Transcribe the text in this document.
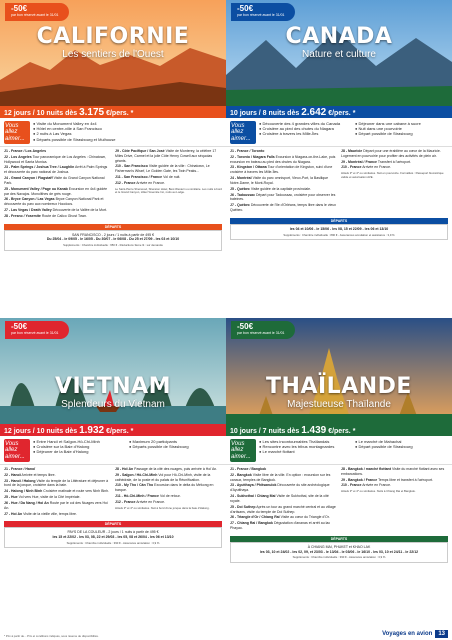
-50€
par bon réservé avant le 31/01
CALIFORNIE

Les sentiers de l'Ouest

12 jours / 10 nuits dès 3.175 €/pers. *
Vous allez aimer...
● Visite du Monument Valley en 4x4
● Hôtel en centre-ville à San Francisco
● 2 nuits à Las Vegas
● Départs possible de Strasbourg et Mulhouse

J1 - France / Los Angeles

J2 - Los Angeles Tour panoramique de Los Angeles : Chinatown, Hollywood et Santa Monica.

J3 - Palm Springs / Joshua Tree / Laughlin Arrêt à Palm Springs et découverte du parc national de Joshua.

J4 - Grand Canyon / Flagstaff Visite du Grand Canyon National Park.

J5 - Monument Valley / Page ou Kanab Excursion en 4x4 guidée par des Navajos. Monolithes de grès rouge.

J6 - Bryce Canyon / Las Vegas Bryce Canyon National Park et découverte du parc aux nombreux Hoodoos.

J7 - Las Vegas / Death Valley Découverte de la Vallée de la Mort.

J8 - Fresno / Yosemite Route de Calico Ghost Town.

J9 - Côte Pacifique / San José Visite de Monterey, la célèbre 17 Miles Drive, Carmel et la jolie Côte Henry Cowell aux séquoias géants.

J10 - San Francisco Visite guidée de la ville : Chinatown, Le Fisherman's Wharf, Le Golden Gate, les Twin Peaks...

J11 - San Francisco / France Vol de nuit.

J12 - France Arrivée en France.

Le Saint-Pierre Sherwood, Sheraton Hotel, Best Western ou similaire. Les nuits à bord et le Grand Canyon, Hôtel Yosemite Inn, nuits au Lodge.

DÉPARTS
SAN FRANCISCO - 2 jours / 1 nuits à partir de 495 €
Du 25/04 - le 09/05 - le 16/05 - Du 30/07 - le 06/08 - Du 25 et 27/09 - les 03 et 10/10
Suppléments : Chambre individuelle : 650 € - Réductions 3ème lit : sur demande
-50€
par bon réservé avant le 31/01
CANADA

Nature et culture

10 jours / 8 nuits dès 2.642 €/pers. *
Vous allez aimer...
● Découverte des 4 grandes villes du Canada
● Croisière au pied des chutes du Niagara
● Croisière à travers les Mille-Îles
● Déjeuner dans une cabane à sucre
● Nuit dans une pourvoirie
● Départ possible de Strasbourg

J1 - France / Toronto

J2 - Toronto / Niagara Falls Excursion à Niagara-on-the-Lake, puis excursion en bateau au pied des chutes du Niagara.

J3 - Kingston / Ottawa Tour d'orientation de Kingston, suivi d'une croisière à travers les Mille-Îles.

J4 - Montréal Visite du parc omnisport, Vieux-Port, la Basilique Notre-Dame, le Mont-Royal.

J5 - Québec Visite guidée de la capitale provinciale.

J6 - Tadoussac Départ pour Tadoussac, croisière pour observer les baleines.

J7 - Québec Découverte de l'île d'Orléans, temps libre dans le vieux Québec.

J8 - Mauricie Départ pour une érablière au cœur de la Mauricie. Logement en pourvoirie pour profiter des activités de plein air.

J9 - Montréal / France Transfert à l'aéroport.

J10 - France Arrivée en France.

Hôtels 3* et 4* ou similaires. Nuit en pourvoirie. Formalités : Passeport biométrique valide et autorisation AVE.

DÉPARTS
les 04 et 10/06 - le 15/06 - les 08, 15 et 22/09 - les 06 et 13/10
Suppléments : Chambre individuelle : 890 € - Assurances annulation et assistance : 3,9 %
-50€
par bon réservé avant le 31/01
VIETNAM

Splendeurs du Vietnam

12 jours / 10 nuits dès 1.932 €/pers. *
Vous allez aimer...
● Entre Hanoï et Saïgon-Hô-Chi-Minh
● Croisière sur la Baie d'Halong
● Déjeuner de la Baie d'Halong
● Maximum 20 participants
● Départs possible de Strasbourg

J1 - France / Hanoï

J2 - Hanoï Arrivée et temps libre.

J3 - Hanoï / Halong Visite du temple de la Littérature et déjeuner à bord de la jonque, croisière dans la baie.

J4 - Halong / Ninh Binh Croisière matinale et route vers Ninh Binh.

J5 - Hue Vol vers Hue, visite de la Cité Impériale.

J6 - Hue / Da Nang / Hoi An Route par le col des Nuages vers Hoi An.

J7 - Hoi An Visite de la vieille ville, temps libre.

J8 - Hoï An Passage de la cité des nuages, puis arrivée à Hoï An.

J9 - Saïgon / Hô-Chi-Minh Vol pour Hô-Chi-Minh, visite de la cathédrale, de la poste et du palais de la Réunification.

J10 - My Tho / Cân Tho Excursion dans le delta du Mékong en barque.

J11 - Hô-Chi-Minh / France Vol de retour.

J12 - France Arrivée en France.

Hôtels 3* et 4* ou similaires. Nuit à bord d'une jonque dans la baie d'Halong.

DÉPARTS
PAYS DE LA COULEUR - 2 jours / 1 nuits à partir de 495 €
les 15 et 22/02 - les 03, 08, 22 et 29/03 - les 05, 08 et 26/04 - les 06 et 13/10
Suppléments : Chambre individuelle : 390 € - Assurance annulation : 3,9 %
-50€
par bon réservé avant le 31/01
THAÏLANDE

Majestueuse Thaïlande

10 jours / 7 nuits dès 1.439 €/pers. *
Vous allez aimer...
● Les sites incontournables Thaïlandais
● Rencontre avec les tribus montagnardes
● Le marché flottant
● Le marché de Mahachai
● Départ possible de Strasbourg

J1 - France / Bangkok

J2 - Bangkok Visite libre de la ville. En option : excursion sur les canaux, temples de Bangkok.

J3 - Ayutthaya / Phitsanulok Découverte du site archéologique d'Ayutthaya.

J4 - Sukhothai / Chiang Mai Visite de Sukhothai, site de la cité royale.

J5 - Doi Suthep Après un tour au grand marché central et au village d'artisans, visite du temple de Doi Suthep.

J6 - Triangle d'Or / Chiang Rai Visite au cœur du Triangle d'Or.

J7 - Chiang Rai / Bangkok Dégustation d'ananas et arrêt au lac Phayao.

J8 - Bangkok / marché flottant Visite du marché flottant avec ses embarcations.

J9 - Bangkok / France Temps libre et transfert à l'aéroport.

J10 - France Arrivée en France.

Hôtels 3* et 4* ou similaires. Nuits à Chiang Rai et Bangkok.

DÉPARTS
À CHIANG MAI, PHUKET et KHAO LAK
les 03, 10 et 24/02 - les 02, 09, et 23/03 - le 13/04 - le 03/06 - le 16/10 - les 03, 10 et 24/11 - le 22/12
Suppléments : Chambre individuelle : 390 € - Assurance annulation : 3,9 %
Voyages en avion	13
* Prix à partir de... Prix et conditions indiqués, sous réserve de disponibilités.
